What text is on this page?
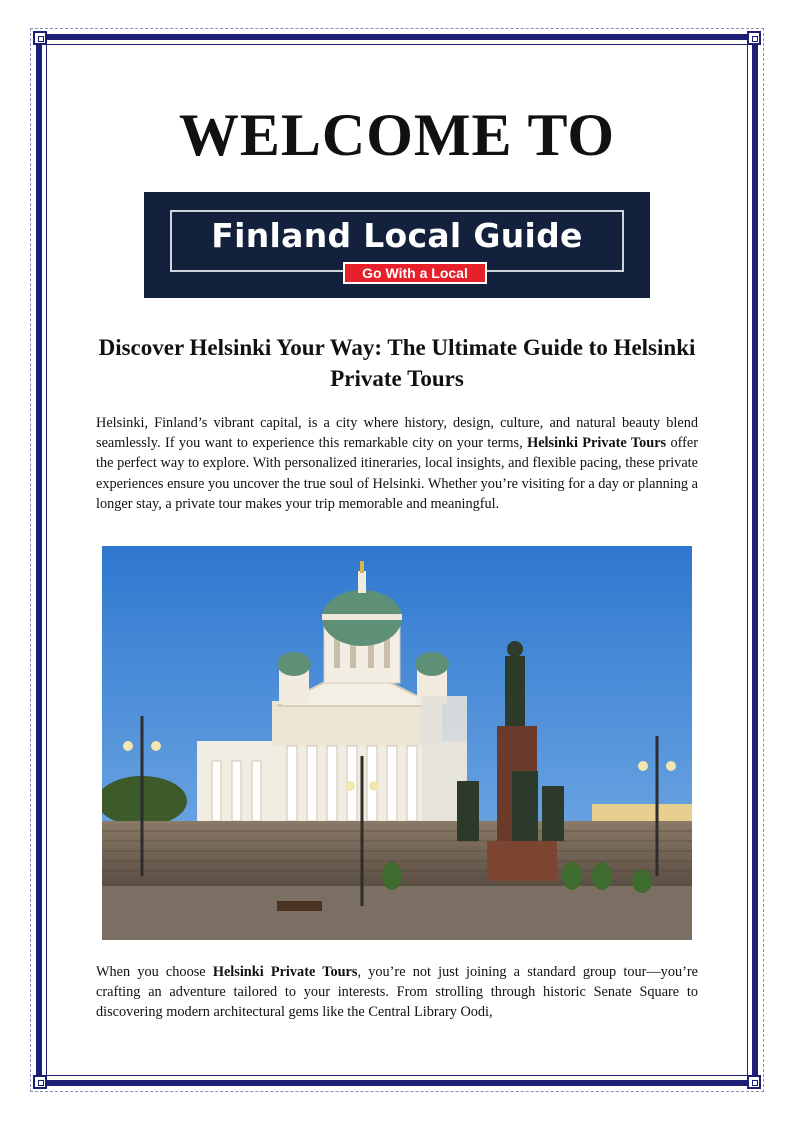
WELCOME TO
Finland Local Guide
Go With a Local
Discover Helsinki Your Way: The Ultimate Guide to Helsinki Private Tours

Helsinki, Finland’s vibrant capital, is a city where history, design, culture, and natural beauty blend seamlessly. If you want to experience this remarkable city on your terms, Helsinki Private Tours offer the perfect way to explore. With personalized itineraries, local insights, and flexible pacing, these private experiences ensure you uncover the true soul of Helsinki. Whether you’re visiting for a day or planning a longer stay, a private tour makes your trip memorable and meaningful.

When you choose Helsinki Private Tours, you’re not just joining a standard group tour—you’re crafting an adventure tailored to your interests. From strolling through historic Senate Square to discovering modern architectural gems like the Central Library Oodi,
